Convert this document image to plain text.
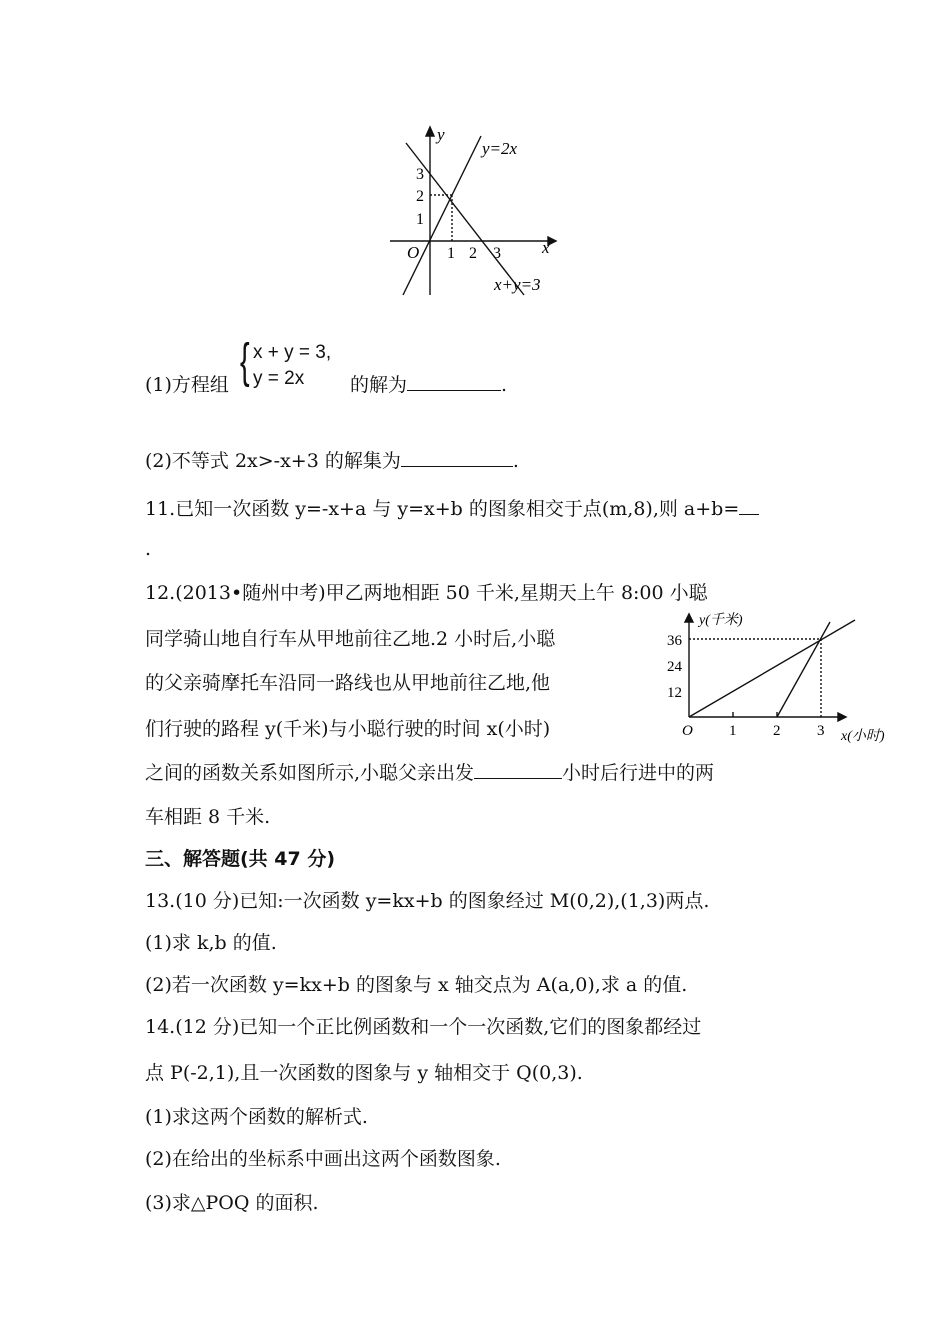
y
y=2x
3
2
1
O 1 2 3 x
x+y=3
{ x + y = 3,
y = 2x
(1)方程组	的解为	.
(2)不等式 2x>-x+3 的解集为	.
11.已知一次函数 y=-x+a 与 y=x+b 的图象相交于点(m,8),则 a+b=
.
12.(2013•随州中考)甲乙两地相距 50 千米,星期天上午 8:00 小聪
同学骑山地自行车从甲地前往乙地.2 小时后,小聪
的父亲骑摩托车沿同一路线也从甲地前往乙地,他
们行驶的路程 y(千米)与小聪行驶的时间 x(小时)
之间的函数关系如图所示,小聪父亲出发	小时后行进中的两
车相距 8 千米.
y(千米)
36
24
12
O 1 2 3 x(小时)
三、解答题(共 47 分)
13.(10 分)已知:一次函数 y=kx+b 的图象经过 M(0,2),(1,3)两点.
(1)求 k,b 的值.
(2)若一次函数 y=kx+b 的图象与 x 轴交点为 A(a,0),求 a 的值.
14.(12 分)已知一个正比例函数和一个一次函数,它们的图象都经过
点 P(-2,1),且一次函数的图象与 y 轴相交于 Q(0,3).
(1)求这两个函数的解析式.
(2)在给出的坐标系中画出这两个函数图象.
(3)求△POQ 的面积.
